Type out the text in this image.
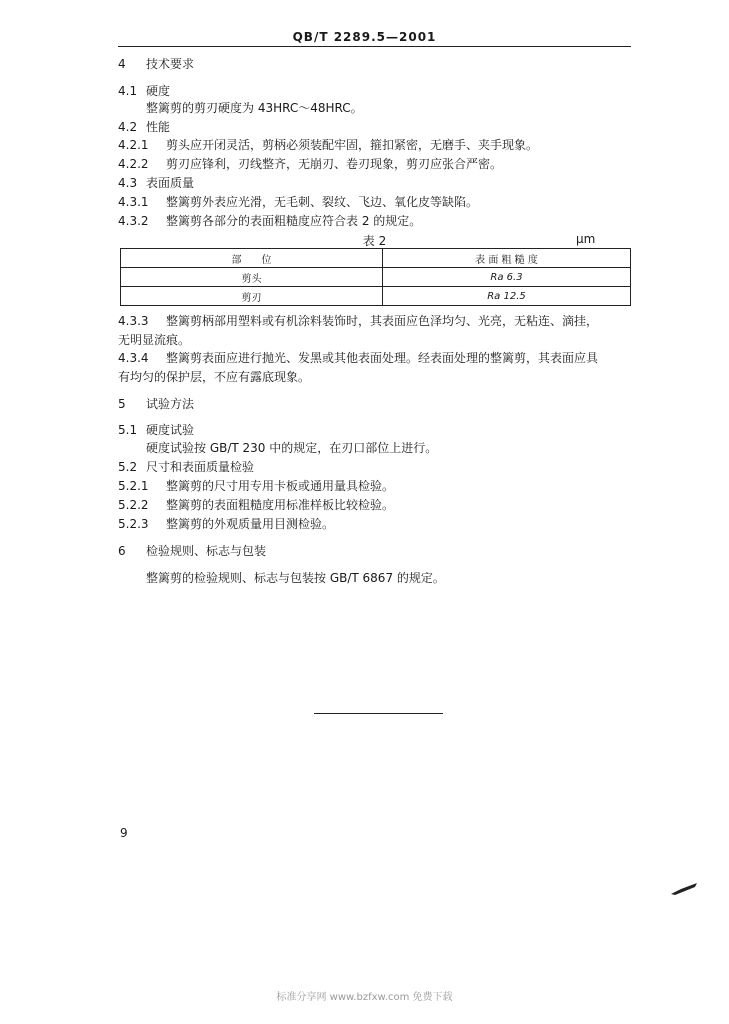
QB/T 2289.5—2001
4 技术要求
4.1 硬度
整篱剪的剪刃硬度为 43HRC～48HRC。
4.2 性能
4.2.1 剪头应开闭灵活，剪柄必须装配牢固，箍扣紧密，无磨手、夹手现象。
4.2.2 剪刃应锋利，刃线整齐，无崩刃、卷刃现象，剪刃应张合严密。
4.3 表面质量
4.3.1 整篱剪外表应光滑，无毛刺、裂纹、飞边、氧化皮等缺陷。
4.3.2 整篱剪各部分的表面粗糙度应符合表 2 的规定。
表 2	μm
部　　位	表 面 粗 糙 度
剪头	Ra 6.3
剪刃	Ra 12.5
4.3.3 整篱剪柄部用塑料或有机涂料装饰时，其表面应色泽均匀、光亮，无粘连、滴挂，
无明显流痕。
4.3.4 整篱剪表面应进行抛光、发黑或其他表面处理。经表面处理的整篱剪，其表面应具
有均匀的保护层，不应有露底现象。
5 试验方法
5.1 硬度试验
硬度试验按 GB/T 230 中的规定，在刃口部位上进行。
5.2 尺寸和表面质量检验
5.2.1 整篱剪的尺寸用专用卡板或通用量具检验。
5.2.2 整篱剪的表面粗糙度用标准样板比较检验。
5.2.3 整篱剪的外观质量用目测检验。
6 检验规则、标志与包装
整篱剪的检验规则、标志与包装按 GB/T 6867 的规定。
9
标准分享网 www.bzfxw.com 免费下载
